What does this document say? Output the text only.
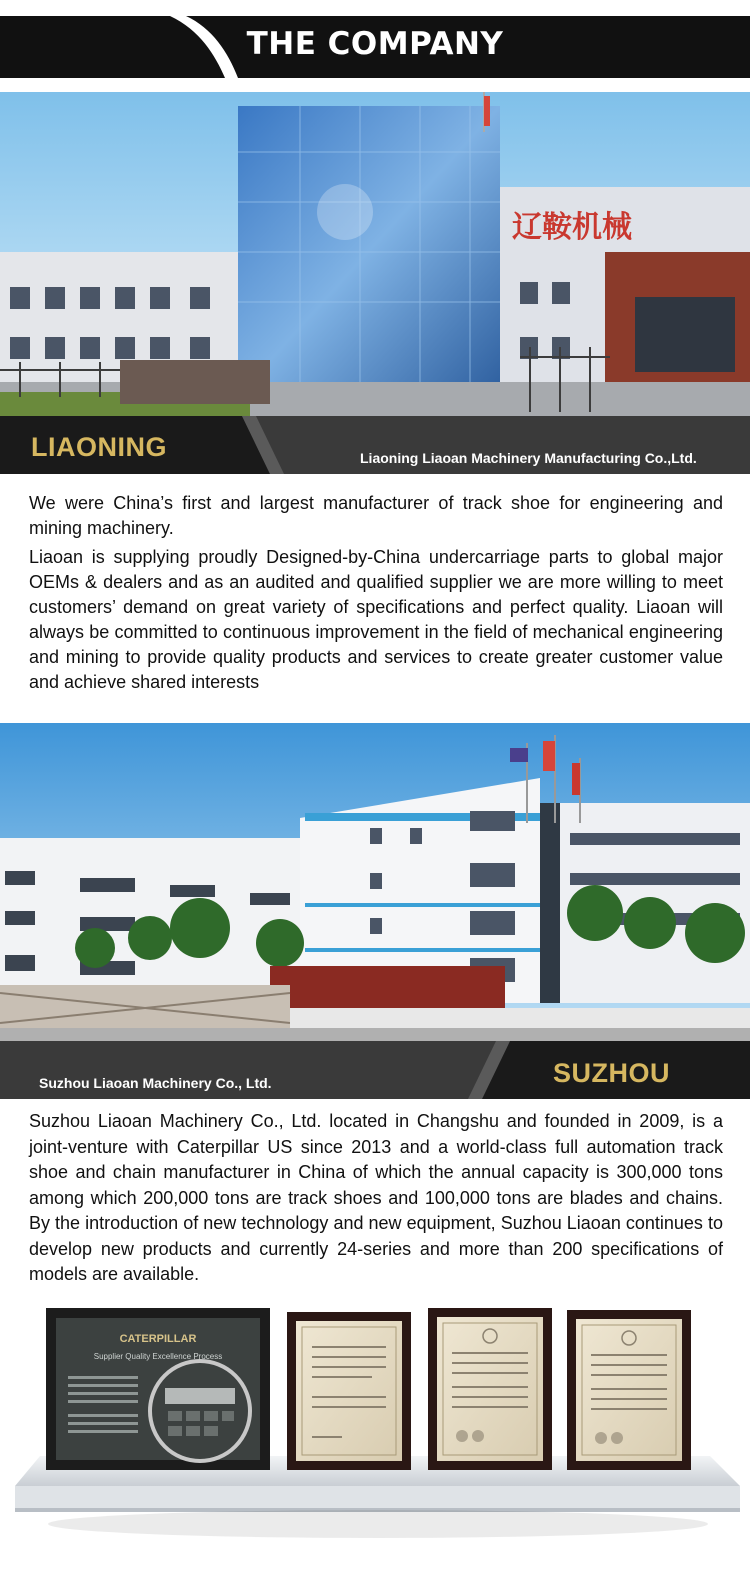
THE COMPANY
辽鞍机械
LIAONING	Liaoning Liaoan Machinery Manufacturing Co.,Ltd.

We were China’s first and largest manufacturer of track shoe for engineering and mining machinery.

Liaoan is supplying proudly Designed-by-China undercarriage parts to global major OEMs & dealers and as an audited and qualified supplier we are more willing to meet customers’ demand on great variety of specifications and perfect quality. Liaoan will always be committed to continuous improvement in the field of mechanical engineering and mining to provide quality products and services to create greater customer value and achieve shared interests

Suzhou Liaoan Machinery Co., Ltd.	SUZHOU

Suzhou Liaoan Machinery Co., Ltd. located in Changshu and founded in 2009, is a joint-venture with Caterpillar US since 2013 and a world-class full automation track shoe and chain manufacturer in China of which the annual capacity is 300,000 tons among which 200,000 tons are track shoes and 100,000 tons are blades and chains. By the introduction of new technology and new equipment, Suzhou Liaoan continues to develop new products and currently 24-series and more than 200 specifications of models are available.

CATERPILLAR
Supplier Quality Excellence Process
